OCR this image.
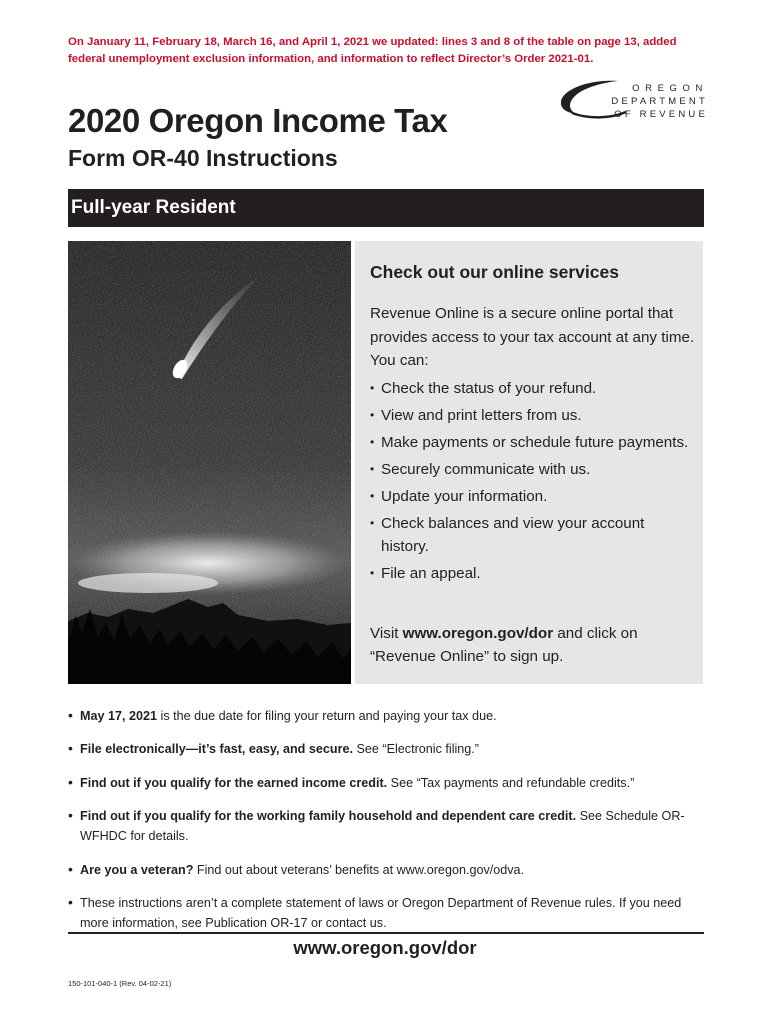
On January 11, February 18, March 16, and April 1, 2021 we updated: lines 3 and 8 of the table on page 13, added
federal unemployment exclusion information, and information to reflect Director’s Order 2021-01.
OREGON
DEPARTMENT
OF REVENUE
2020 Oregon Income Tax
Form OR-40 Instructions
Full-year Resident
Check out our online services
Revenue Online is a secure online portal that provides access to your tax account at any time. You can:
• Check the status of your refund.
• View and print letters from us.
• Make payments or schedule future payments.
• Securely communicate with us.
• Update your information.
• Check balances and view your account history.
• File an appeal.
Visit www.oregon.gov/dor and click on “Revenue Online” to sign up.
• May 17, 2021 is the due date for filing your return and paying your tax due.
• File electronically—it’s fast, easy, and secure. See “Electronic filing.”
• Find out if you qualify for the earned income credit. See “Tax payments and refundable credits.”
• Find out if you qualify for the working family household and dependent care credit. See Schedule OR-WFHDC for details.
• Are you a veteran? Find out about veterans’ benefits at www.oregon.gov/odva.
• These instructions aren’t a complete statement of laws or Oregon Department of Revenue rules. If you need more information, see Publication OR-17 or contact us.
www.oregon.gov/dor
150-101-040-1 (Rev. 04-02-21)
